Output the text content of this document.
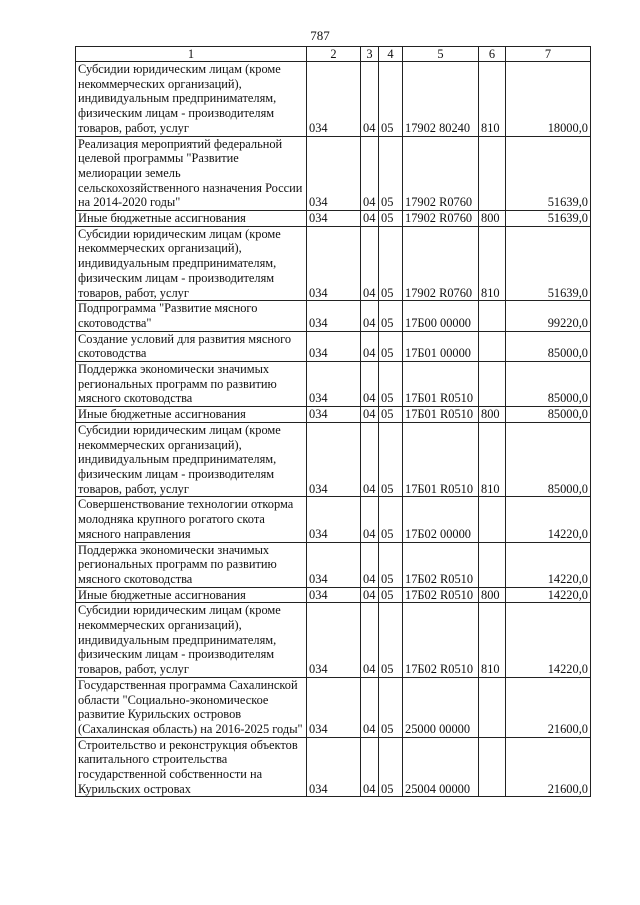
787
1	2	3	4	5	6	7
Субсидии юридическим лицам (кроме некоммерческих организаций), индивидуальным предпринимателям, физическим лицам - производителям товаров, работ, услуг	034	04	05	17902 80240	810	18000,0
Реализация мероприятий федеральной целевой программы "Развитие мелиорации земель сельскохозяйственного назначения России на 2014-2020 годы"	034	04	05	17902 R0760		51639,0
Иные бюджетные ассигнования	034	04	05	17902 R0760	800	51639,0
Субсидии юридическим лицам (кроме некоммерческих организаций), индивидуальным предпринимателям, физическим лицам - производителям товаров, работ, услуг	034	04	05	17902 R0760	810	51639,0
Подпрограмма "Развитие мясного скотоводства"	034	04	05	17Б00 00000		99220,0
Создание условий для развития мясного скотоводства	034	04	05	17Б01 00000		85000,0
Поддержка экономически значимых региональных программ по развитию мясного скотоводства	034	04	05	17Б01 R0510		85000,0
Иные бюджетные ассигнования	034	04	05	17Б01 R0510	800	85000,0
Субсидии юридическим лицам (кроме некоммерческих организаций), индивидуальным предпринимателям, физическим лицам - производителям товаров, работ, услуг	034	04	05	17Б01 R0510	810	85000,0
Совершенствование технологии откорма молодняка крупного рогатого скота мясного направления	034	04	05	17Б02 00000		14220,0
Поддержка экономически значимых региональных программ по развитию мясного скотоводства	034	04	05	17Б02 R0510		14220,0
Иные бюджетные ассигнования	034	04	05	17Б02 R0510	800	14220,0
Субсидии юридическим лицам (кроме некоммерческих организаций), индивидуальным предпринимателям, физическим лицам - производителям товаров, работ, услуг	034	04	05	17Б02 R0510	810	14220,0
Государственная программа Сахалинской области "Социально-экономическое развитие Курильских островов (Сахалинская область) на 2016-2025 годы"	034	04	05	25000 00000		21600,0
Строительство и реконструкция объектов капитального строительства государственной собственности на Курильских островах	034	04	05	25004 00000		21600,0
